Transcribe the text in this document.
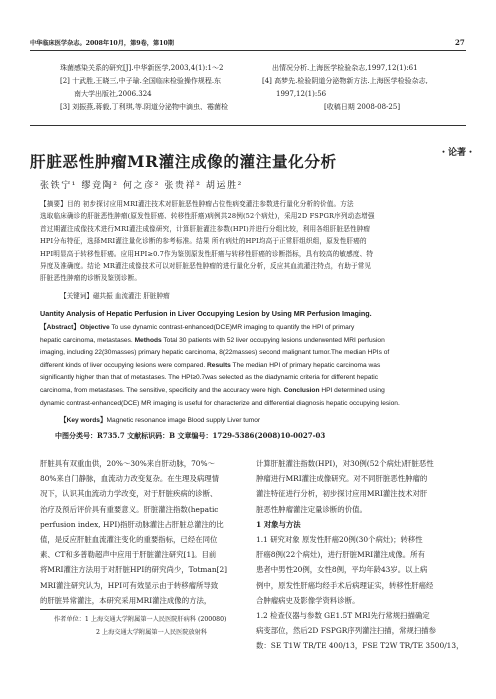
中华临床医学杂志。2008年10月，第9卷，第10期	27
珠菌感染关系的研究[J].中华新医学,2003,4(1):1～2
[2] 十武胜,王晓三,中子瑜.全国临床检验操作规程.东
南大学出版社,2006.324
[3] 刘振燕,蒋毅,丁利琪,等.阴道分泌物中滴虫、霉菌检
出情况分析.上海医学检验杂志,1997,12(1):61
[4] 高梦先.检验阴道分泌物新方法.上海医学检验杂志,
1997,12(1):56
[收稿日期 2008-08-25]
・论著・
肝脏恶性肿瘤MR灌注成像的灌注量化分析
张铁宁¹ 缪竞陶² 何之彦² 张贵祥² 胡运胜²
【摘要】目的 初步探讨应用MRI灌注技术对肝脏恶性肿瘤占位性病变灌注参数进行量化分析的价值。方法
选取临床确诊的肝脏恶性肿瘤(原发性肝癌、转移性肝癌)病例共28例(52个病灶)，采用2D FSPGR序列动态增强
首过期灌注成像技术进行MRI灌注成像研究，计算肝脏灌注参数(HPI)并进行分组比较，利用各组肝脏恶性肿瘤
HPI分布特征，选择MRI灌注量化诊断的参考标准。结果 所有病灶的HPI均高于正常肝组织组，原发性肝癌的
HPI明显高于转移性肝癌。应用HPI≥0.7作为鉴别原发性肝癌与转移性肝癌的诊断指标，具有较高的敏感度、特
异度及准确度。结论 MR灌注成像技术可以对肝脏恶性肿瘤的进行量化分析，反应其血流灌注特点，有助于常见
肝脏恶性肿瘤的诊断及鉴别诊断。
【关键词】磁共振 血流灌注 肝脏肿瘤
Uantity Analysis of Hepatic Perfusion in Liver Occupying Lesion by Using MR Perfusion Imaging.
【Abstract】Objective To use dynamic contrast-enhanced(DCE)MR imaging to quantify the HPI of primary
hepatic carcinoma, metastases. Methods Total 30 patients with 52 liver occupying lesions underwented MRI perfusion
imaging, including 22(30masses) primary hepatic carcinoma, 8(22masses) second malignant tumor.The median HPIs of
different kinds of liver occupying lesions were compared. Results The median HPI of primary hepatic carcinoma was
significantly higher than that of metastases. The HPI≥0.7was selected as the diadynamic criteria for different hepatic
carcinoma, from metastases. The sensitive, specificity and the accuracy were high. Conclusion HPI determined using
dynamic contrast-enhanced(DCE) MR imaging is useful for characterize and differential diagnosis hepatic occupying lesion.
【Key words】Magnetic resonance image Blood supply Liver tumor
中图分类号：R735.7 文献标识码：B 文章编号：1729-5386(2008)10-0027-03
肝脏具有双重血供，20%～30%来自肝动脉，70%～
80%来自门静脉，血流动力改变复杂。在生理及病理情
况下，认识其血流动力学改变，对于肝脏疾病的诊断、
治疗及预后评价具有重要意义。肝脏灌注指数(hepatic
perfusion index, HPI)指肝动脉灌注占肝脏总灌注的比
值，是反应肝脏血流灌注变化的重要指标，已经在同位
素、CT和多普勒超声中应用于肝脏灌注研究[1]。目前
将MRI灌注方法用于对肝脏HPI的研究尚少，Totman[2]
MRI灌注研究认为，HPI可有效显示由于转移瘤所导致
的肝脏异常灌注，本研究采用MRI灌注成像的方法，
计算肝脏灌注指数(HPI)，对30例(52个病灶)肝脏恶性
肿瘤进行MRI灌注成像研究。对不同肝脏恶性肿瘤的
灌注特征进行分析，初步探讨应用MRI灌注技术对肝
脏恶性肿瘤灌注定量诊断的价值。
1 对象与方法
1.1 研究对象 原发性肝癌20例(30个病灶)；转移性
肝癌8例(22个病灶)，进行肝脏MRI灌注成像。所有
患者中男性20例，女性8例，平均年龄43岁。以上病
例中，原发性肝癌均经手术后病理证实，转移性肝癌经
合肿瘤病史及影像学资料诊断。
1.2 检查仪器与参数 GE1.5T MRI先行常规扫描确定
病变部位，然后2D FSPGR序列灌注扫描，常规扫描参
数：SE T1W TR/TE 400/13，FSE T2W TR/TE 3500/13，
作者单位：1 上海交通大学附属第一人民医院肝病科 (200080)
2 上海交通大学附属第一人民医院放射科
